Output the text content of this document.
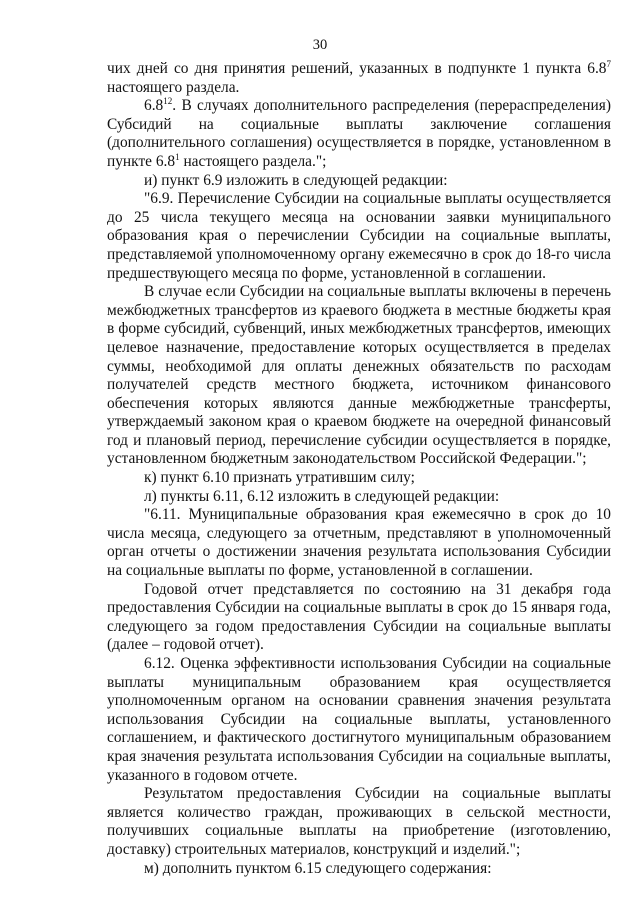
30

чих дней со дня принятия решений, указанных в подпункте 1 пункта $6.8^7$ настоящего раздела.

$6.8^{12}$. В случаях дополнительного распределения (перераспределения) Субсидий на социальные выплаты заключение соглашения (дополнительного соглашения) осуществляется в порядке, установленном в пункте $6.8^1$ настоящего раздела.";

и) пункт 6.9 изложить в следующей редакции:

"6.9. Перечисление Субсидии на социальные выплаты осуществляется до 25 числа текущего месяца на основании заявки муниципального образования края о перечислении Субсидии на социальные выплаты, представляемой уполномоченному органу ежемесячно в срок до 18-го числа предшествующего месяца по форме, установленной в соглашении.

В случае если Субсидии на социальные выплаты включены в перечень межбюджетных трансфертов из краевого бюджета в местные бюджеты края в форме субсидий, субвенций, иных межбюджетных трансфертов, имеющих целевое назначение, предоставление которых осуществляется в пределах суммы, необходимой для оплаты денежных обязательств по расходам получателей средств местного бюджета, источником финансового обеспечения которых являются данные межбюджетные трансферты, утверждаемый законом края о краевом бюджете на очередной финансовый год и плановый период, перечисление субсидии осуществляется в порядке, установленном бюджетным законодательством Российской Федерации.";

к) пункт 6.10 признать утратившим силу;

л) пункты 6.11, 6.12 изложить в следующей редакции:

"6.11. Муниципальные образования края ежемесячно в срок до 10 числа месяца, следующего за отчетным, представляют в уполномоченный орган отчеты о достижении значения результата использования Субсидии на социальные выплаты по форме, установленной в соглашении.

Годовой отчет представляется по состоянию на 31 декабря года предоставления Субсидии на социальные выплаты в срок до 15 января года, следующего за годом предоставления Субсидии на социальные выплаты (далее – годовой отчет).

6.12. Оценка эффективности использования Субсидии на социальные выплаты муниципальным образованием края осуществляется уполномоченным органом на основании сравнения значения результата использования Субсидии на социальные выплаты, установленного соглашением, и фактического достигнутого муниципальным образованием края значения результата использования Субсидии на социальные выплаты, указанного в годовом отчете.

Результатом предоставления Субсидии на социальные выплаты является количество граждан, проживающих в сельской местности, получивших социальные выплаты на приобретение (изготовлению, доставку) строительных материалов, конструкций и изделий.";

м) дополнить пунктом 6.15 следующего содержания:
